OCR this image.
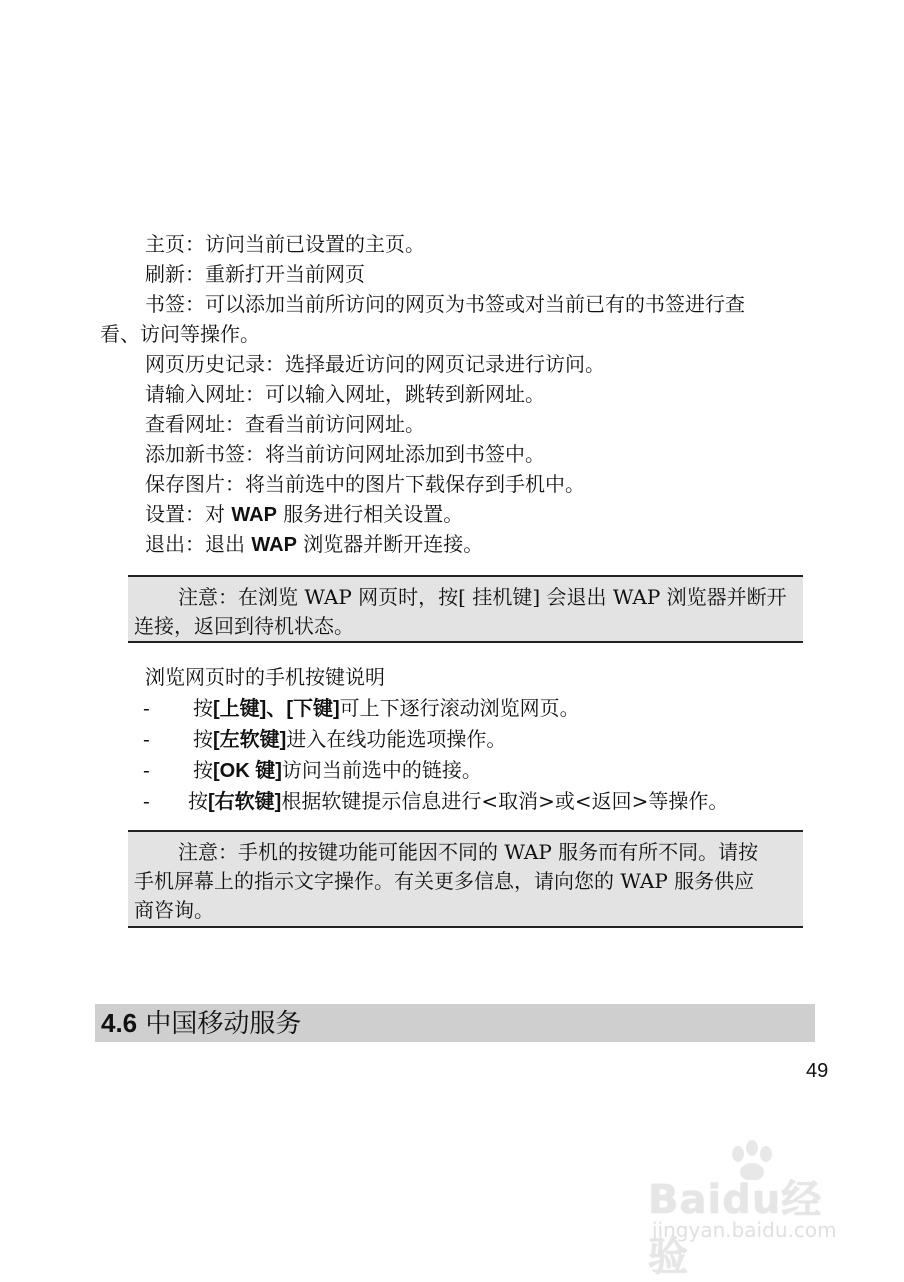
主页：访问当前已设置的主页。
刷新：重新打开当前网页
书签：可以添加当前所访问的网页为书签或对当前已有的书签进行查
看、访问等操作。
网页历史记录：选择最近访问的网页记录进行访问。
请输入网址：可以输入网址，跳转到新网址。
查看网址：查看当前访问网址。
添加新书签：将当前访问网址添加到书签中。
保存图片：将当前选中的图片下载保存到手机中。
设置：对 WAP 服务进行相关设置。
退出：退出 WAP 浏览器并断开连接。
注意：在浏览 WAP 网页时，按[ 挂机键] 会退出 WAP 浏览器并断开
连接，返回到待机状态。
浏览网页时的手机按键说明
- 按[上键]、[下键]可上下逐行滚动浏览网页。
- 按[左软键]进入在线功能选项操作。
- 按[OK 键]访问当前选中的链接。
- 按[右软键]根据软键提示信息进行<取消>或<返回>等操作。
注意：手机的按键功能可能因不同的 WAP 服务而有所不同。请按
手机屏幕上的指示文字操作。有关更多信息，请向您的 WAP 服务供应
商咨询。
4.6 中国移动服务
49
Baidu经验
jingyan.baidu.com
